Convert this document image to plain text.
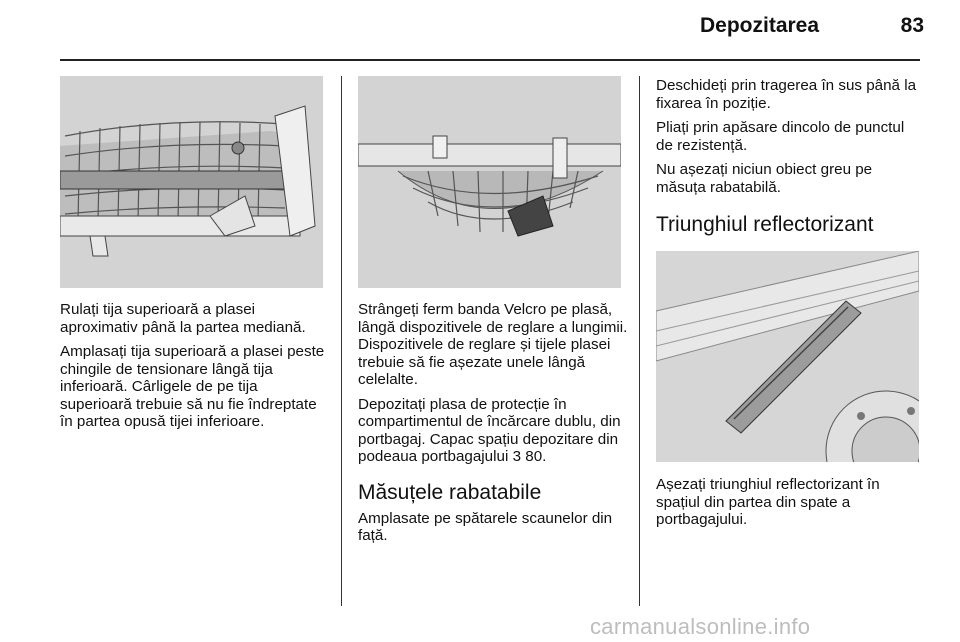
Depozitarea	83

Rulați tija superioară a plasei aproximativ până la partea mediană.

Amplasați tija superioară a plasei peste chingile de tensionare lângă tija inferioară. Cârligele de pe tija superioară trebuie să nu fie îndreptate în partea opusă tijei inferioare.

Strângeți ferm banda Velcro pe plasă, lângă dispozitivele de reglare a lungimii. Dispozitivele de reglare și tijele plasei trebuie să fie așezate unele lângă celelalte.

Depozitați plasa de protecție în compartimentul de încărcare dublu, din portbagaj. Capac spațiu depozitare din podeaua portbagajului 3 80.

Măsuțele rabatabile

Amplasate pe spătarele scaunelor din față.

Deschideți prin tragerea în sus până la fixarea în poziție.

Pliați prin apăsare dincolo de punctul de rezistență.

Nu așezați niciun obiect greu pe măsuța rabatabilă.

Triunghiul reflectorizant

Așezați triunghiul reflectorizant în spațiul din partea din spate a portbagajului.

carmanualsonline.info
